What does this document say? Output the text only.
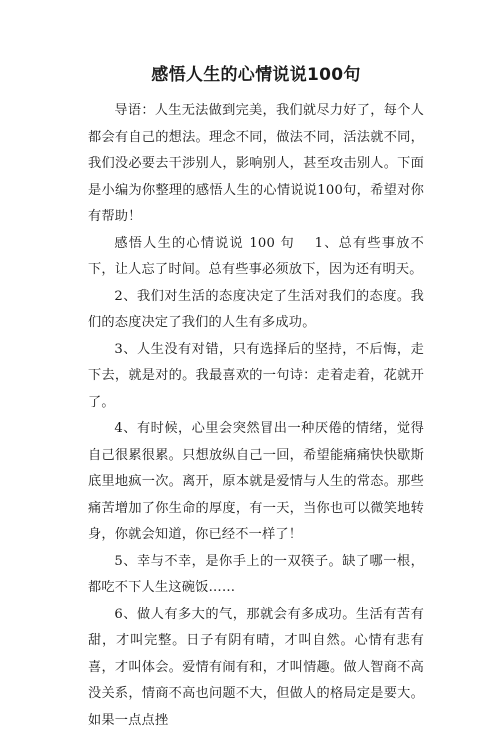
感悟人生的心情说说100句

导语：人生无法做到完美，我们就尽力好了，每个人都会有自己的想法。理念不同，做法不同，活法就不同，我们没必要去干涉别人，影响别人，甚至攻击别人。下面是小编为你整理的感悟人生的心情说说100句，希望对你有帮助！

感悟人生的心情说说 100 句　 1、总有些事放不下，让人忘了时间。总有些事必须放下，因为还有明天。

2、我们对生活的态度决定了生活对我们的态度。我们的态度决定了我们的人生有多成功。

3、人生没有对错，只有选择后的坚持，不后悔，走下去，就是对的。我最喜欢的一句诗：走着走着，花就开了。

4、有时候，心里会突然冒出一种厌倦的情绪，觉得自己很累很累。只想放纵自己一回，希望能痛痛快快歇斯底里地疯一次。离开，原本就是爱情与人生的常态。那些痛苦增加了你生命的厚度，有一天，当你也可以微笑地转身，你就会知道，你已经不一样了！

5、幸与不幸，是你手上的一双筷子。缺了哪一根，都吃不下人生这碗饭……

6、做人有多大的气，那就会有多成功。生活有苦有甜，才叫完整。日子有阴有晴，才叫自然。心情有悲有喜，才叫体会。爱情有闹有和，才叫情趣。做人智商不高没关系，情商不高也问题不大，但做人的格局定是要大。如果一点点挫
